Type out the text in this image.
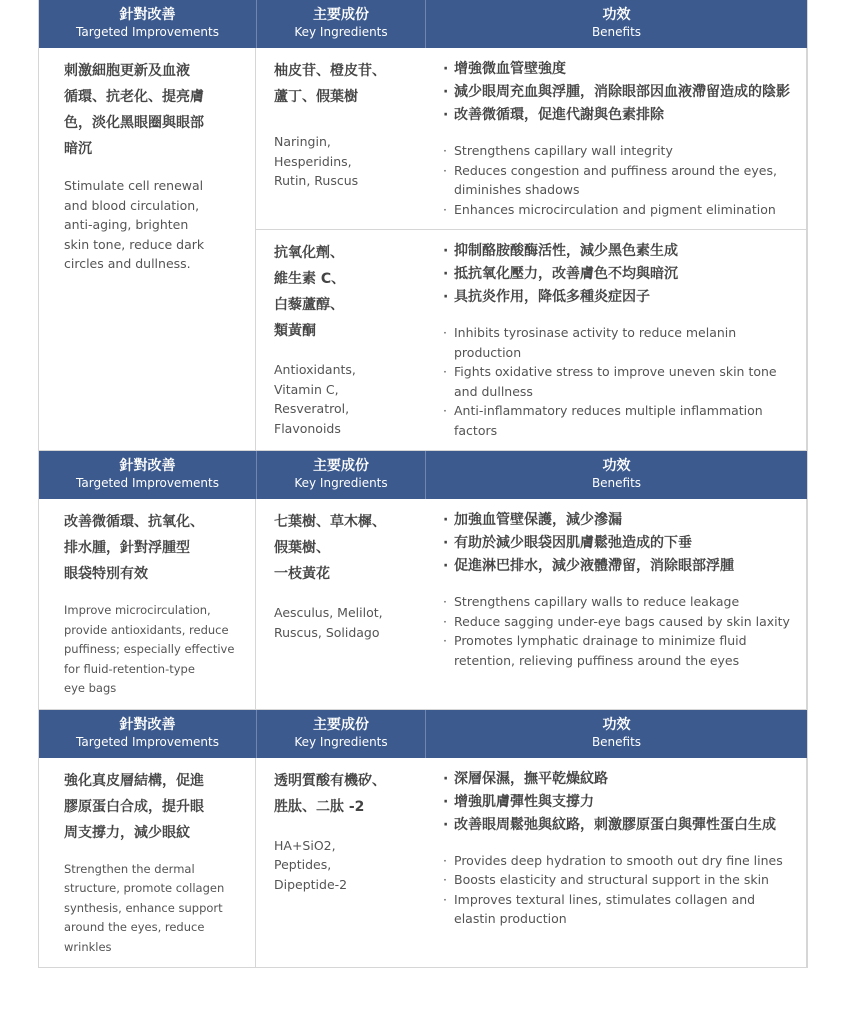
針對改善
Targeted Improvements
主要成份
Key Ingredients
功效
Benefits
刺激細胞更新及血液
循環、抗老化、提亮膚
色，淡化黑眼圈與眼部
暗沉
Stimulate cell renewal
and blood circulation,
anti-aging, brighten
skin tone, reduce dark
circles and dullness.
柚皮苷、橙皮苷、
蘆丁、假葉樹
Naringin,
Hesperidins,
Rutin, Ruscus
· 增強微血管壁強度
· 減少眼周充血與浮腫，消除眼部因血液滯留造成的陰影
· 改善微循環，促進代謝與色素排除
· Strengthens capillary wall integrity
· Reduces congestion and puffiness around the eyes, diminishes shadows
· Enhances microcirculation and pigment elimination
抗氧化劑、
維生素 C、
白藜蘆醇、
類黃酮
Antioxidants,
Vitamin C,
Resveratrol,
Flavonoids
· 抑制酪胺酸酶活性，減少黑色素生成
· 抵抗氧化壓力，改善膚色不均與暗沉
· 具抗炎作用，降低多種炎症因子
· Inhibits tyrosinase activity to reduce melanin production
· Fights oxidative stress to improve uneven skin tone and dullness
· Anti-inflammatory reduces multiple inflammation factors
針對改善
Targeted Improvements
主要成份
Key Ingredients
功效
Benefits
改善微循環、抗氧化、
排水腫，針對浮腫型
眼袋特別有效
Improve microcirculation,
provide antioxidants, reduce
puffiness; especially effective
for fluid-retention-type
eye bags
七葉樹、草木樨、
假葉樹、
一枝黃花
Aesculus, Melilot,
Ruscus, Solidago
· 加強血管壁保護，減少滲漏
· 有助於減少眼袋因肌膚鬆弛造成的下垂
· 促進淋巴排水，減少液體滯留，消除眼部浮腫
· Strengthens capillary walls to reduce leakage
· Reduce sagging under-eye bags caused by skin laxity
· Promotes lymphatic drainage to minimize fluid retention, relieving puffiness around the eyes
針對改善
Targeted Improvements
主要成份
Key Ingredients
功效
Benefits
強化真皮層結構，促進
膠原蛋白合成，提升眼
周支撐力，減少眼紋
Strengthen the dermal
structure, promote collagen
synthesis, enhance support
around the eyes, reduce
wrinkles
透明質酸有機矽、
胜肽、二肽 -2
HA+SiO2,
Peptides,
Dipeptide-2
· 深層保濕，撫平乾燥紋路
· 增強肌膚彈性與支撐力
· 改善眼周鬆弛與紋路，刺激膠原蛋白與彈性蛋白生成
· Provides deep hydration to smooth out dry fine lines
· Boosts elasticity and structural support in the skin
· Improves textural lines, stimulates collagen and elastin production
